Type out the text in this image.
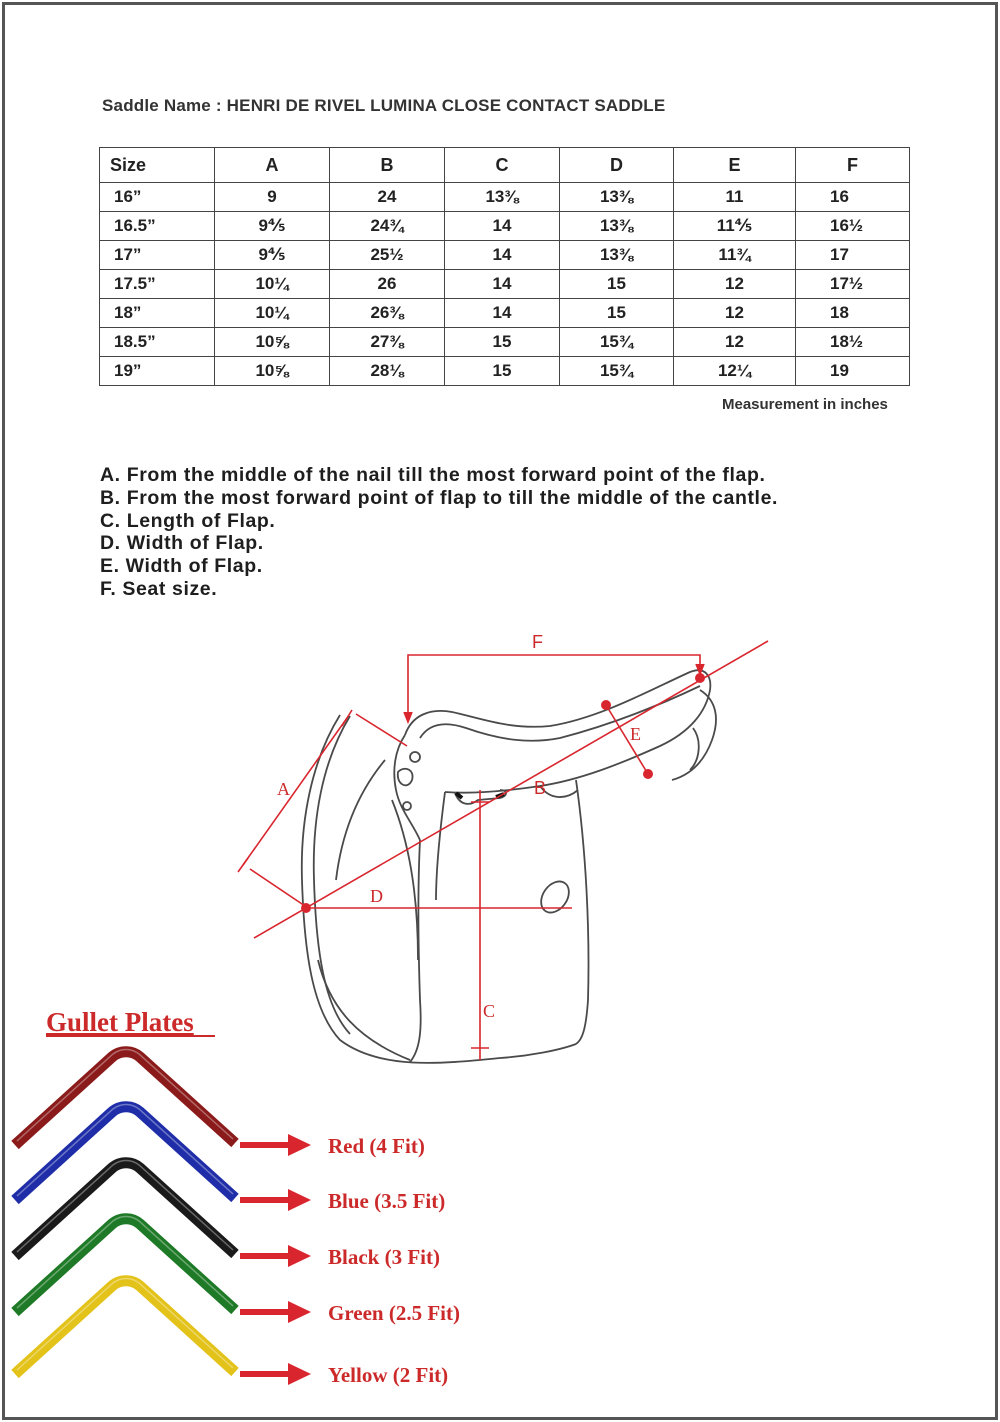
Saddle Name : HENRI DE RIVEL LUMINA CLOSE CONTACT SADDLE
Size	A	B	C	D	E	F
16”	9	24	13⅜	13⅜	11	16
16.5”	9⅘	24¾	14	13⅜	11⅘	16½
17”	9⅘	25½	14	13⅜	11¾	17
17.5”	10¼	26	14	15	12	17½
18”	10¼	26⅜	14	15	12	18
18.5”	10⅝	27⅜	15	15¾	12	18½
19”	10⅝	28⅛	15	15¾	12¼	19
Measurement in inches
A. From the middle of the nail till the most forward point of the flap.
B. From the most forward point of flap to till the middle of the cantle.
C. Length of Flap.
D. Width of Flap.
E. Width of Flap.
F. Seat size.
F
A	B
E
D
C
Gullet Plates
Red (4 Fit)
Blue (3.5 Fit)
Black (3 Fit)
Green (2.5 Fit)
Yellow (2 Fit)
